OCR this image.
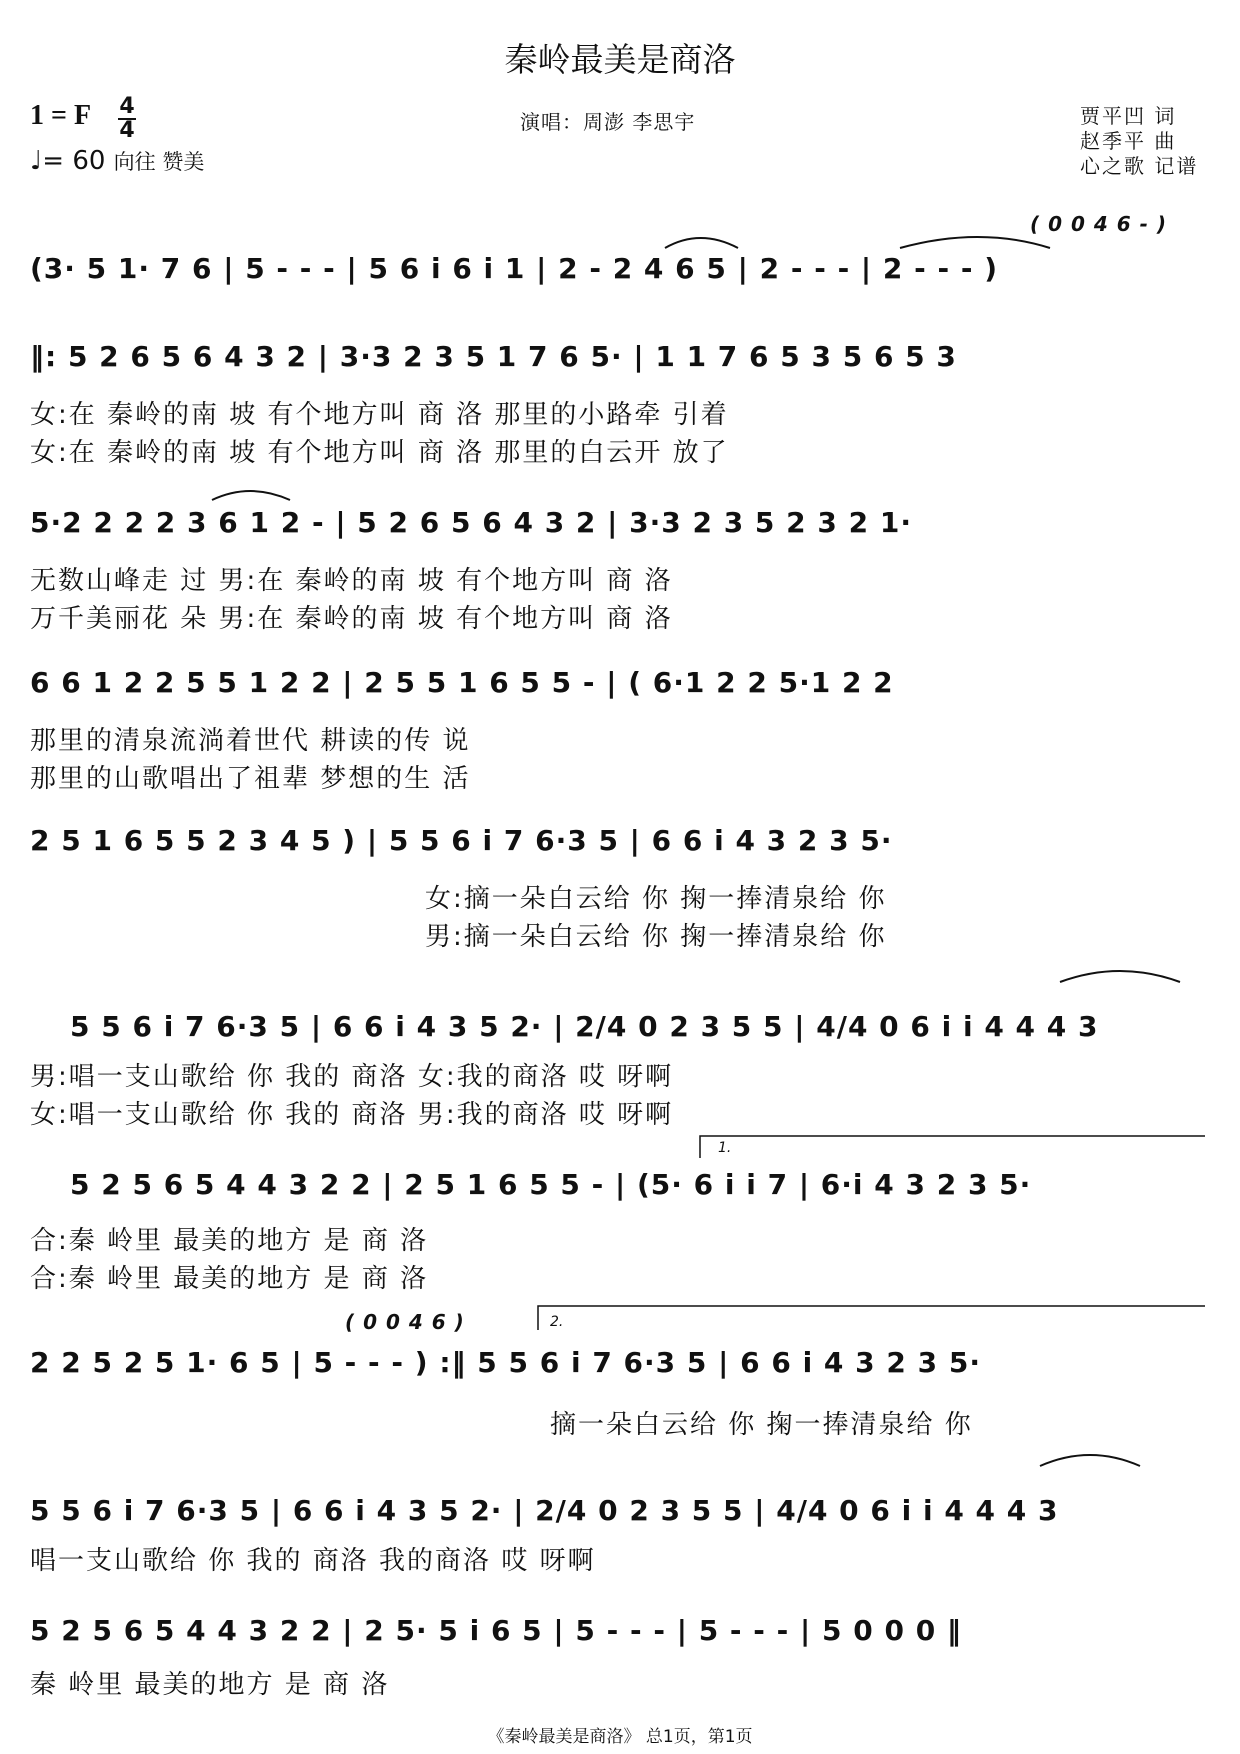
秦岭最美是商洛
1 = F 4
4
♩= 60 向往 赞美
演唱：周澎 李思宇	贾平凹 词
赵季平 曲
心之歌 记谱
( 0 0 4 6 - )
(3· 5 1· 7 6 | 5 - - - | 5 6 i 6 i 1 | 2 - 2 4 6 5 | 2 - - - | 2 - - - )
‖: 5 2 6 5 6 4 3 2 | 3·3 2 3 5 1 7 6 5· | 1 1 7 6 5 3 5 6 5 3
女:在 秦岭的南 坡 有个地方叫 商 洛 那里的小路牵 引着
女:在 秦岭的南 坡 有个地方叫 商 洛 那里的白云开 放了
5·2 2 2 2 3 6 1 2 - | 5 2 6 5 6 4 3 2 | 3·3 2 3 5 2 3 2 1·
无数山峰走 过 男:在 秦岭的南 坡 有个地方叫 商 洛
万千美丽花 朵 男:在 秦岭的南 坡 有个地方叫 商 洛
6 6 1 2 2 5 5 1 2 2 | 2 5 5 1 6 5 5 - | ( 6·1 2 2 5·1 2 2
那里的清泉流淌着世代 耕读的传 说
那里的山歌唱出了祖辈 梦想的生 活
2 5 1 6 5 5 2 3 4 5 ) | 5 5 6 i 7 6·3 5 | 6 6 i 4 3 2 3 5·
女:摘一朵白云给 你 掬一捧清泉给 你
男:摘一朵白云给 你 掬一捧清泉给 你
5 5 6 i 7 6·3 5 | 6 6 i 4 3 5 2· | 2/4 0 2 3 5 5 | 4/4 0 6 i i 4 4 4 3
男:唱一支山歌给 你 我的 商洛 女:我的商洛 哎 呀啊
女:唱一支山歌给 你 我的 商洛 男:我的商洛 哎 呀啊
1.
5 2 5 6 5 4 4 3 2 2 | 2 5 1 6 5 5 - | (5· 6 i i 7 | 6·i 4 3 2 3 5·
合:秦 岭里 最美的地方 是 商 洛
合:秦 岭里 最美的地方 是 商 洛
( 0 0 4 6 )	2.
2 2 5 2 5 1· 6 5 | 5 - - - ) :‖ 5 5 6 i 7 6·3 5 | 6 6 i 4 3 2 3 5·
摘一朵白云给 你 掬一捧清泉给 你
5 5 6 i 7 6·3 5 | 6 6 i 4 3 5 2· | 2/4 0 2 3 5 5 | 4/4 0 6 i i 4 4 4 3
唱一支山歌给 你 我的 商洛 我的商洛 哎 呀啊
5 2 5 6 5 4 4 3 2 2 | 2 5· 5 i 6 5 | 5 - - - | 5 - - - | 5 0 0 0 ‖
秦 岭里 最美的地方 是 商 洛
《秦岭最美是商洛》 总1页，第1页
